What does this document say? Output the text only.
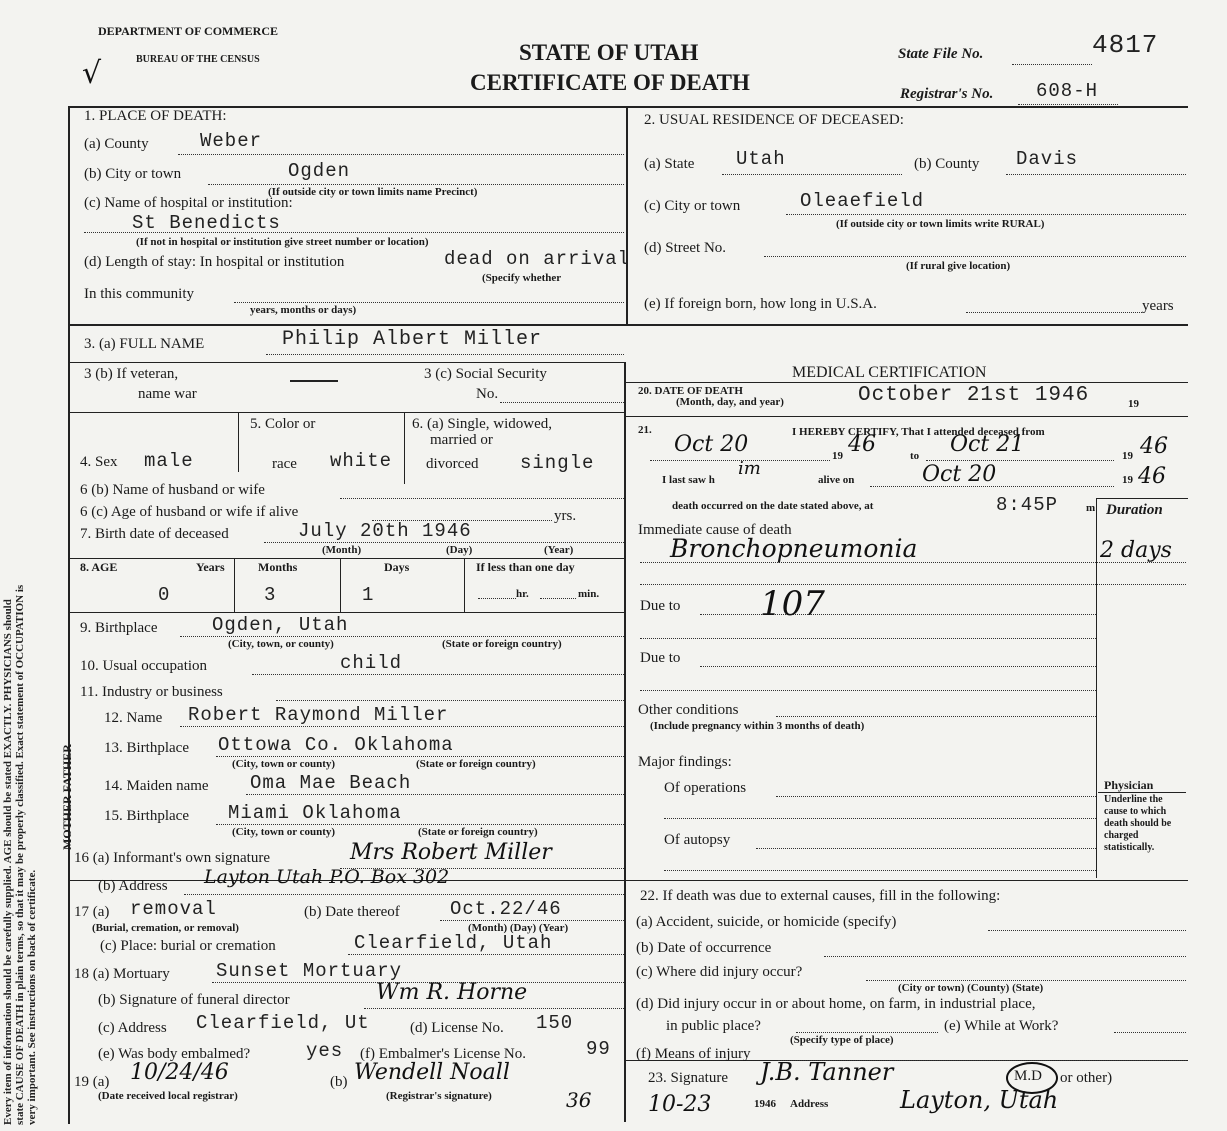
Every item of information should be carefully supplied. AGE should be stated EXACTLY. PHYSICIANS should state CAUSE OF DEATH in plain terms, so that it may be properly classified. Exact statement of OCCUPATION is very important. See instructions on back of certificate.
DEPARTMENT OF COMMERCE
BUREAU OF THE CENSUS	STATE OF UTAH
CERTIFICATE OF DEATH
State File No.	4817
Registrar's No. 608-H
1. PLACE OF DEATH:
(a) County	Weber
(b) City or town	Ogden
(If outside city or town limits name Precinct)
(c) Name of hospital or institution:
St Benedicts
(If not in hospital or institution give street number or location)
(d) Length of stay: In hospital or institution	dead on arrival
(Specify whether
In this community
years, months or days)
2. USUAL RESIDENCE OF DECEASED:
(a) State Utah	(b) County Davis
(c) City or town	Oleaefield
(If outside city or town limits write RURAL)
(d) Street No.
(If rural give location)
(e) If foreign born, how long in U.S.A.	years
3. (a) FULL NAME	Philip Albert Miller
3 (b) If veteran,
name war
3 (c) Social Security
No.
5. Color or	6. (a) Single, widowed,
married or
4. Sex male	race white divorced single
6 (b) Name of husband or wife
6 (c) Age of husband or wife if alive	yrs.
7. Birth date of deceased	July 20th 1946
(Month)	(Day)	(Year)
8. AGE	Years	Months	Days	If less than one day
0	3	1	hr.	min.
9. Birthplace	Ogden, Utah
(City, town, or county)	(State or foreign country)
10. Usual occupation	child
11. Industry or business
MOTHER FATHER
12. Name Robert Raymond Miller
13. Birthplace Ottowa Co. Oklahoma
(City, town or county)	(State or foreign country)
14. Maiden name Oma Mae Beach
15. Birthplace Miami Oklahoma
(City, town or county)	(State or foreign country)
16 (a) Informant's own signature	Mrs Robert Miller
(b) Address Layton Utah P.O. Box 302
17 (a) removal
(Burial, cremation, or removal)
(b) Date thereof	Oct.22/46
(Month) (Day) (Year)
(c) Place: burial or cremation	Clearfield, Utah
18 (a) Mortuary Sunset Mortuary
(b) Signature of funeral director	Wm R. Horne
(c) Address Clearfield, Ut	(d) License No. 150
(e) Was body embalmed?	yes (f) Embalmer's License No.	99
19 (a) 10/24/46
(Date received local registrar)
(b) Wendell Noall
(Registrar's signature)	36
MEDICAL CERTIFICATION
20. DATE OF DEATH
(Month, day, and year)	October 21st 1946	19
21.	I HEREBY CERTIFY, That I attended deceased from
Oct 20	19 46	to Oct 21	19 46
I last saw h
im
alive on	Oct 20	19 46
death occurred on the date stated above, at	8:45P	m Duration
Immediate cause of death
Bronchopneumonia	2 days
Due to 107
Due to
Other conditions
(Include pregnancy within 3 months of death)
Major findings:
Of operations
Of autopsy
Physician
Underline the cause to which death should be charged statistically.
22. If death was due to external causes, fill in the following:
(a) Accident, suicide, or homicide (specify)
(b) Date of occurrence
(c) Where did injury occur?
(City or town) (County) (State)
(d) Did injury occur in or about home, on farm, in industrial place,
in public place?	(e) While at Work?
(Specify type of place)
(f) Means of injury
23. Signature J.B. Tanner	M.D or other)
10-23	1946 Address	Layton, Utah
√
